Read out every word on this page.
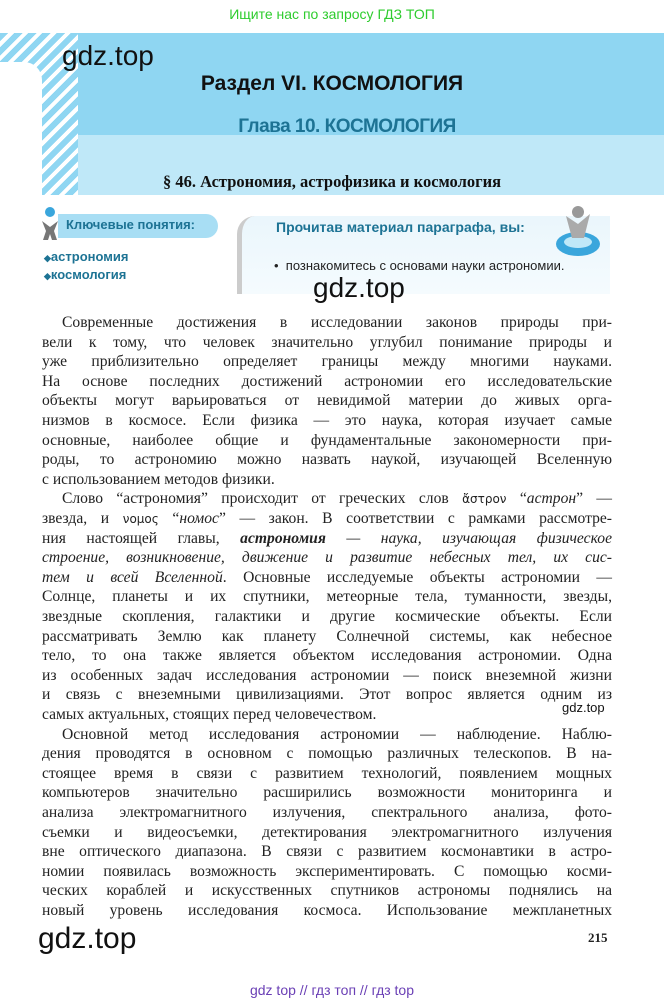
Ищите нас по запросу ГДЗ ТОП
gdz.top
Раздел VI. КОСМОЛОГИЯ
Глава 10. КОСМОЛОГИЯ
§ 46. Астрономия, астрофизика и космология
Ключевые понятия:
◆астрономия
◆космология
Прочитав материал параграфа, вы:
•  познакомитесь с основами науки астрономии.
gdz.top
Современные достижения в исследовании законов природы при-
вели к тому, что человек значительно углубил понимание природы и
уже приблизительно определяет границы между многими науками.
На основе последних достижений астрономии его исследовательские
объекты могут варьироваться от невидимой материи до живых орга-
низмов в космосе. Если физика — это наука, которая изучает самые
основные, наиболее общие и фундаментальные закономерности при-
роды, то астрономию можно назвать наукой, изучающей Вселенную
с использованием методов физики.
Слово “астрономия” происходит от греческих слов ἄστρον “астрон” —
звезда, и νομος “номос” — закон. В соответствии с рамками рассмотре-
ния настоящей главы, астрономия — наука, изучающая физическое
строение, возникновение, движение и развитие небесных тел, их сис-
тем и всей Вселенной. Основные исследуемые объекты астрономии —
Солнце, планеты и их спутники, метеорные тела, туманности, звезды,
звездные скопления, галактики и другие космические объекты. Если
рассматривать Землю как планету Солнечной системы, как небесное
тело, то она также является объектом исследования астрономии. Одна
из особенных задач исследования астрономии — поиск внеземной жизни
и связь с внеземными цивилизациями. Этот вопрос является одним из
самых актуальных, стоящих перед человечеством.
Основной метод исследования астрономии — наблюдение. Наблю-
дения проводятся в основном с помощью различных телескопов. В на-
стоящее время в связи с развитием технологий, появлением мощных
компьютеров значительно расширились возможности мониторинга и
анализа электромагнитного излучения, спектрального анализа, фото-
съемки и видеосъемки, детектирования электромагнитного излучения
вне оптического диапазона. В связи с развитием космонавтики в астро-
номии появилась возможность экспериментировать. С помощью косми-
ческих кораблей и искусственных спутников астрономы поднялись на
новый уровень исследования космоса. Использование межпланетных
gdz.top
gdz.top	215
gdz top // гдз топ // гдз top
